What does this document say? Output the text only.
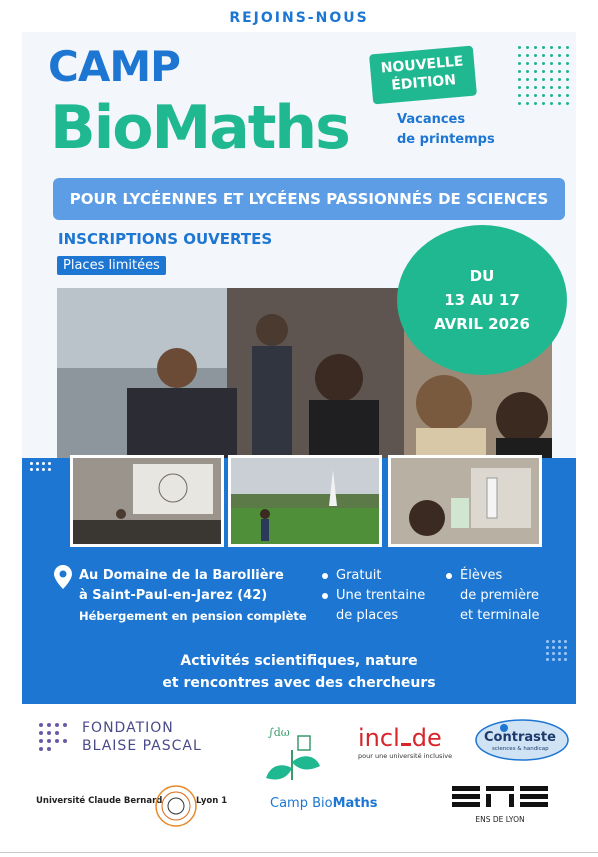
REJOINS-NOUS
CAMP
BioMaths
NOUVELLE
ÉDITION
Vacances
de printemps
POUR LYCÉENNES ET LYCÉENS PASSIONNÉS DE SCIENCES
INSCRIPTIONS OUVERTES
Places limitées
DU
13 AU 17
AVRIL 2026
Au Domaine de la Barollière
à Saint-Paul-en-Jarez (42)
Hébergement en pension complète
Gratuit
Une trentaine
de places
Élèves
de première
et terminale
Activités scientifiques, nature
et rencontres avec des chercheurs
FONDATION
BLAISE PASCAL
∫dω
Camp BioMaths
incl de
pour une université inclusive
Contraste
sciences & handicap
Université Claude Bernard	Lyon 1
ENS DE LYON
